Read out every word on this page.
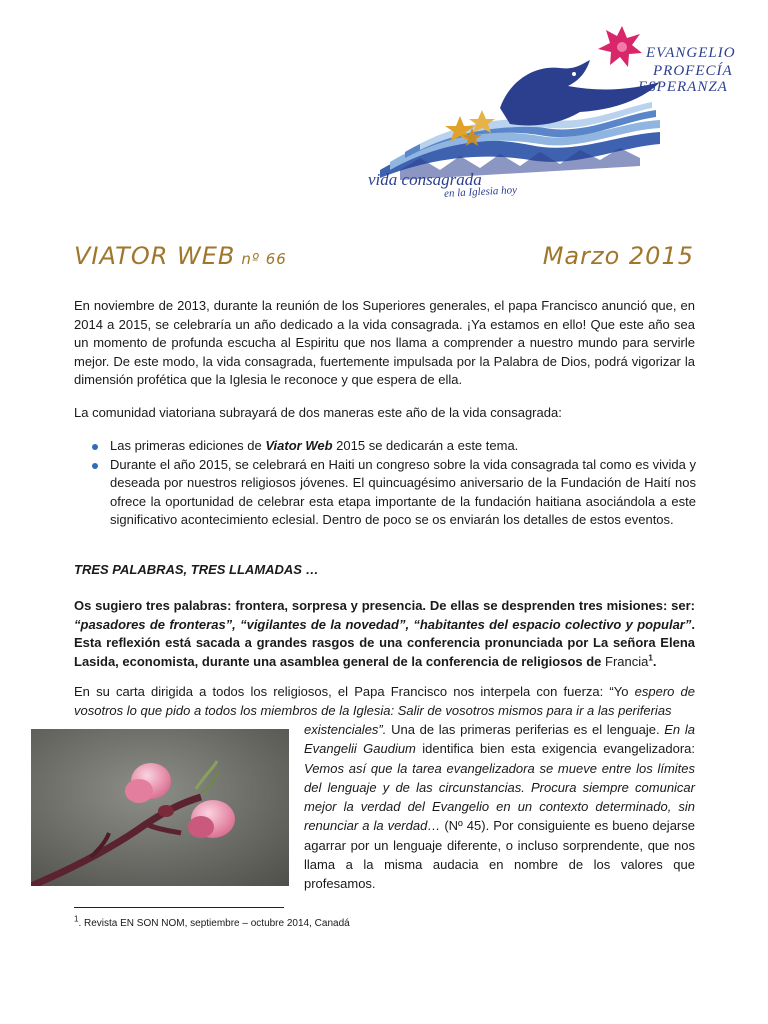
EVANGELIO
PROFECÍA
ESPERANZA
vida consagrada
en la Iglesia hoy
VIATOR WEB nº 66	Marzo 2015
En noviembre de 2013, durante la reunión de los Superiores generales, el papa Francisco anunció que, en 2014 a 2015, se celebraría un año dedicado a la vida consagrada. ¡Ya estamos en ello! Que este año sea un momento de profunda escucha al Espiritu que nos llama a comprender a nuestro mundo para servirle mejor. De este modo, la vida consagrada, fuertemente impulsada por la Palabra de Dios, podrá vigorizar la dimensión profética que la Iglesia le reconoce y que espera de ella.
La comunidad viatoriana subrayará de dos maneras este año de la vida consagrada:
Las primeras ediciones de Viator Web 2015 se dedicarán a este tema.
Durante el año 2015, se celebrará en Haiti un congreso sobre la vida consagrada tal como es vivida y deseada por nuestros religiosos jóvenes. El quincuagésimo aniversario de la Fundación de Haití nos ofrece la oportunidad de celebrar esta etapa importante de la fundación haitiana asociándola a este significativo acontecimiento eclesial. Dentro de poco se os enviarán los detalles de estos eventos.
TRES PALABRAS, TRES LLAMADAS …
Os sugiero tres palabras: frontera, sorpresa y presencia. De ellas se desprenden tres misiones: ser: “pasadores de fronteras”, “vigilantes de la novedad”, “habitantes del espacio colectivo y popular”. Esta reflexión está sacada a grandes rasgos de una conferencia pronunciada por La señora Elena Lasida, economista, durante una asamblea general de la conferencia de religiosos de Francia$^1$.
En su carta dirigida a todos los religiosos, el Papa Francisco nos interpela con fuerza: “Yo espero de vosotros lo que pido a todos los miembros de la Iglesia: Salir de vosotros mismos para ir a las periferias
existenciales”. Una de las primeras periferias es el lenguaje. En la Evangelii Gaudium identifica bien esta exigencia evangelizadora: Vemos así que la tarea evangelizadora se mueve entre los límites del lenguaje y de las circunstancias. Procura siempre comunicar mejor la verdad del Evangelio en un contexto determinado, sin renunciar a la verdad… (Nº 45). Por consiguiente es bueno dejarse agarrar por un lenguaje diferente, o incluso sorprendente, que nos llama a la misma audacia en nombre de los valores que profesamos.
$^1$. Revista EN SON NOM, septiembre – octubre 2014, Canadá
